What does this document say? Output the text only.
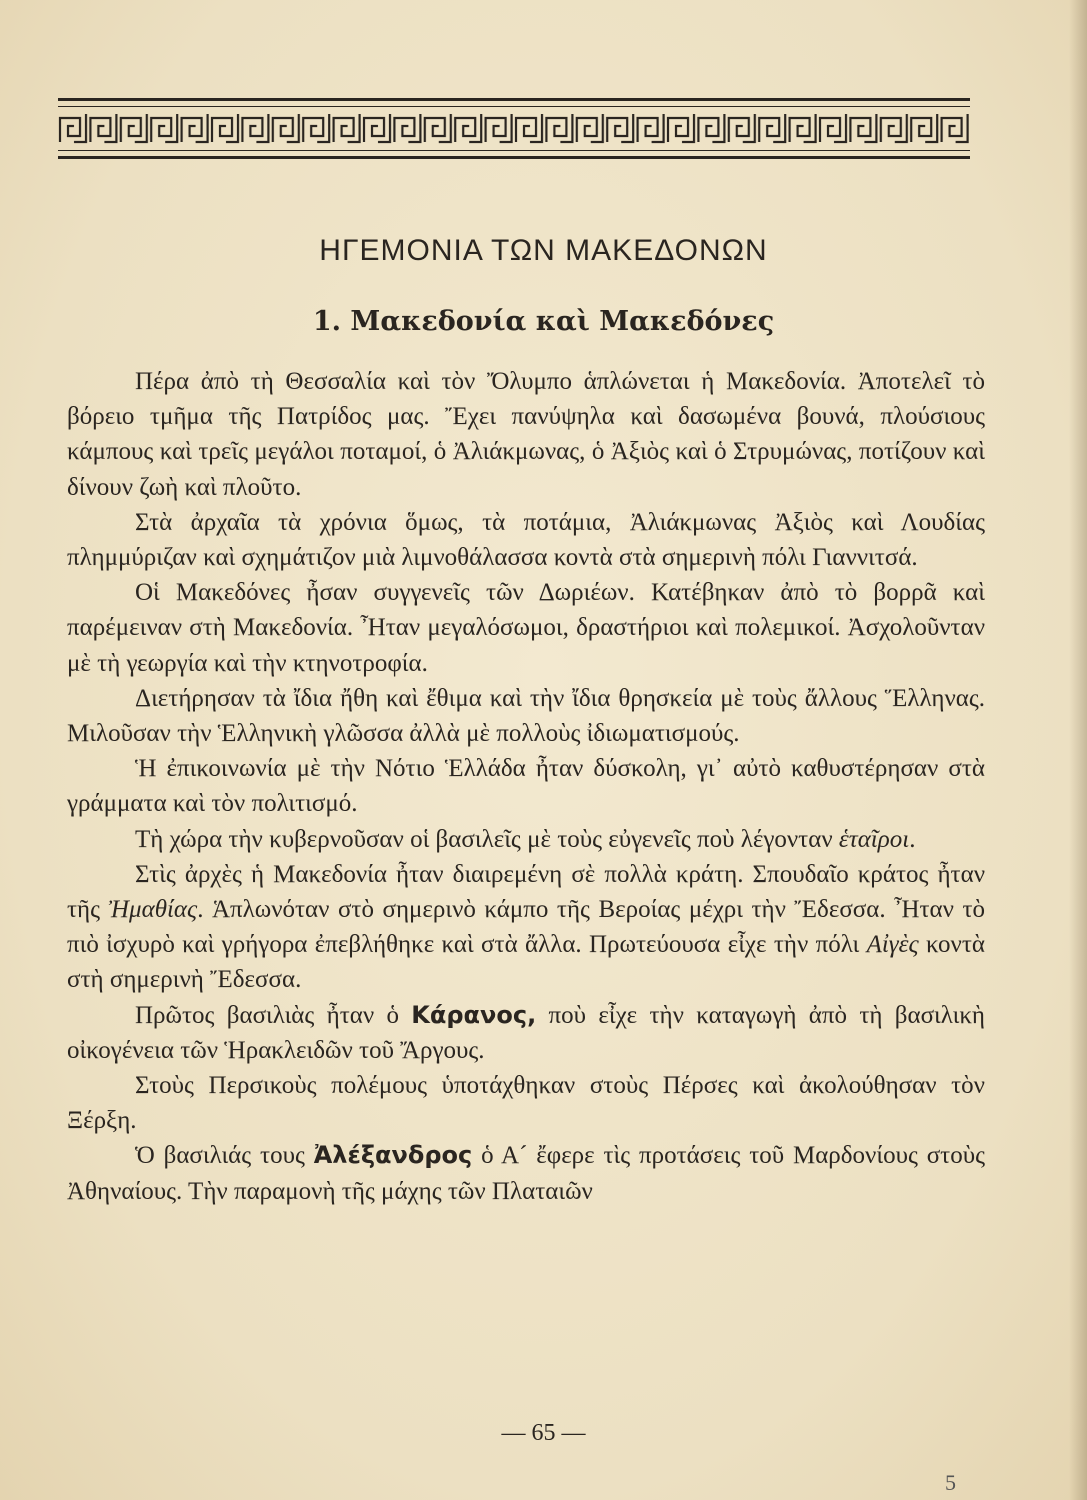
ΗΓΕΜΟΝΙΑ ΤΩΝ ΜΑΚΕΔΟΝΩΝ
1. Μακεδονία καὶ Μακεδόνες

Πέρα ἀπὸ τὴ Θεσσαλία καὶ τὸν Ὄλυμπο ἁπλώνεται ἡ Μακεδονία. Ἀποτελεῖ τὸ βόρειο τμῆμα τῆς Πατρίδος μας. Ἔχει πανύψηλα καὶ δασωμένα βουνά, πλούσιους κάμπους καὶ τρεῖς μεγάλοι ποταμοί, ὁ Ἀλιάκμωνας, ὁ Ἀξιὸς καὶ ὁ Στρυμώνας, ποτίζουν καὶ δίνουν ζωὴ καὶ πλοῦτο.

Στὰ ἀρχαῖα τὰ χρόνια ὅμως, τὰ ποτάμια, Ἀλιάκμωνας Ἀξιὸς καὶ Λουδίας πλημμύριζαν καὶ σχημάτιζον μιὰ λιμνοθάλασσα κοντὰ στὰ σημερινὴ πόλι Γιαννιτσά.

Οἱ Μακεδόνες ἦσαν συγγενεῖς τῶν Δωριέων. Κατέβηκαν ἀπὸ τὸ βορρᾶ καὶ παρέμειναν στὴ Μακεδονία. Ἦταν μεγαλόσωμοι, δραστήριοι καὶ πολεμικοί. Ἀσχολοῦνταν μὲ τὴ γεωργία καὶ τὴν κτηνοτροφία.

Διετήρησαν τὰ ἴδια ἤθη καὶ ἔθιμα καὶ τὴν ἴδια θρησκεία μὲ τοὺς ἄλλους Ἕλληνας. Μιλοῦσαν τὴν Ἑλληνικὴ γλῶσσα ἀλλὰ μὲ πολλοὺς ἰδιωματισμούς.

Ἡ ἐπικοινωνία μὲ τὴν Νότιο Ἑλλάδα ἦταν δύσκολη, γι᾽ αὐτὸ καθυστέρησαν στὰ γράμματα καὶ τὸν πολιτισμό.

Τὴ χώρα τὴν κυβερνοῦσαν οἱ βασιλεῖς μὲ τοὺς εὐγενεῖς ποὺ λέγονταν ἑταῖροι.

Στὶς ἀρχὲς ἡ Μακεδονία ἦταν διαιρεμένη σὲ πολλὰ κράτη. Σπουδαῖο κράτος ἦταν τῆς Ἠμαθίας. Ἁπλωνόταν στὸ σημερινὸ κάμπο τῆς Βεροίας μέχρι τὴν Ἔδεσσα. Ἦταν τὸ πιὸ ἰσχυρὸ καὶ γρήγορα ἐπεβλήθηκε καὶ στὰ ἄλλα. Πρωτεύουσα εἶχε τὴν πόλι Αἰγὲς κοντὰ στὴ σημερινὴ Ἔδεσσα.

Πρῶτος βασιλιὰς ἦταν ὁ Κάρανος, ποὺ εἶχε τὴν καταγωγὴ ἀπὸ τὴ βασιλικὴ οἰκογένεια τῶν Ἡρακλειδῶν τοῦ Ἄργους.

Στοὺς Περσικοὺς πολέμους ὑποτάχθηκαν στοὺς Πέρσες καὶ ἀκολούθησαν τὸν Ξέρξη.

Ὁ βασιλιάς τους Ἀλέξανδρος ὁ Α´ ἔφερε τὶς προτάσεις τοῦ Μαρδονίους στοὺς Ἀθηναίους. Τὴν παραμονὴ τῆς μάχης τῶν Πλαταιῶν

— 65 —
5
